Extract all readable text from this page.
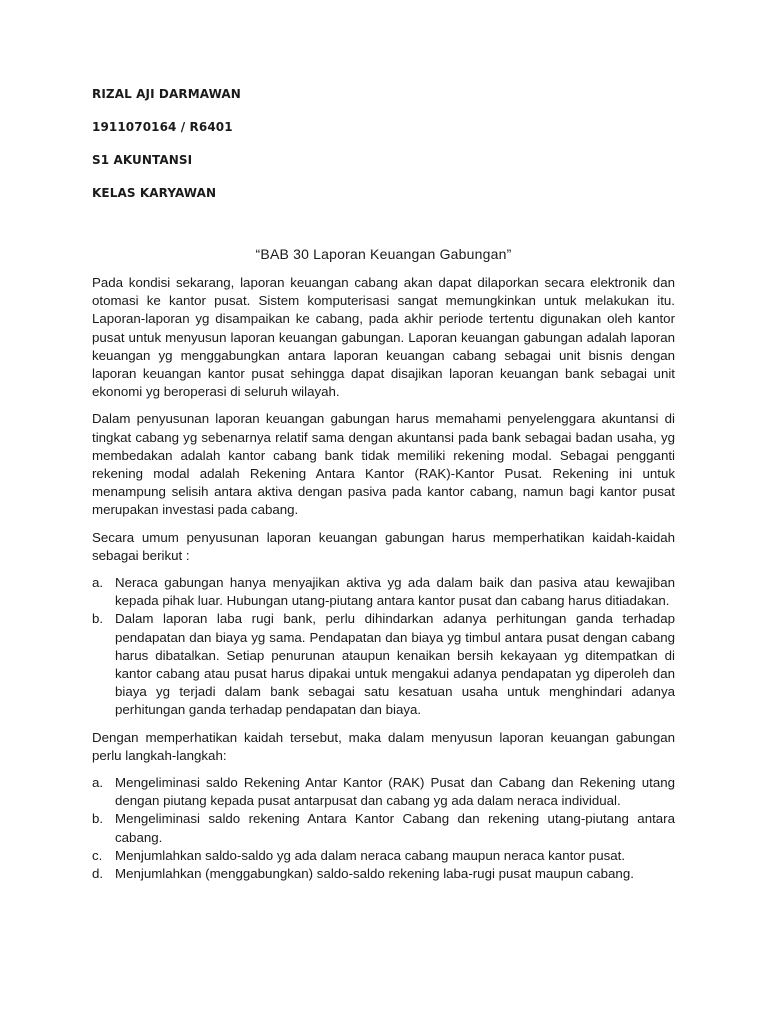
RIZAL AJI DARMAWAN
1911070164 / R6401
S1 AKUNTANSI
KELAS KARYAWAN
“BAB 30 Laporan Keuangan Gabungan”

Pada kondisi sekarang, laporan keuangan cabang akan dapat dilaporkan secara elektronik dan otomasi ke kantor pusat. Sistem komputerisasi sangat memungkinkan untuk melakukan itu. Laporan-laporan yg disampaikan ke cabang, pada akhir periode tertentu digunakan oleh kantor pusat untuk menyusun laporan keuangan gabungan. Laporan keuangan gabungan adalah laporan keuangan yg menggabungkan antara laporan keuangan cabang sebagai unit bisnis dengan laporan keuangan kantor pusat sehingga dapat disajikan laporan keuangan bank sebagai unit ekonomi yg beroperasi di seluruh wilayah.

Dalam penyusunan laporan keuangan gabungan harus memahami penyelenggara akuntansi di tingkat cabang yg sebenarnya relatif sama dengan akuntansi pada bank sebagai badan usaha, yg membedakan adalah kantor cabang bank tidak memiliki rekening modal. Sebagai pengganti rekening modal adalah Rekening Antara Kantor (RAK)-Kantor Pusat. Rekening ini untuk menampung selisih antara aktiva dengan pasiva pada kantor cabang, namun bagi kantor pusat merupakan investasi pada cabang.

Secara umum penyusunan laporan keuangan gabungan harus memperhatikan kaidah-kaidah sebagai berikut :

a. Neraca gabungan hanya menyajikan aktiva yg ada dalam baik dan pasiva atau kewajiban kepada pihak luar. Hubungan utang-piutang antara kantor pusat dan cabang harus ditiadakan.
b. Dalam laporan laba rugi bank, perlu dihindarkan adanya perhitungan ganda terhadap pendapatan dan biaya yg sama. Pendapatan dan biaya yg timbul antara pusat dengan cabang harus dibatalkan. Setiap penurunan ataupun kenaikan bersih kekayaan yg ditempatkan di kantor cabang atau pusat harus dipakai untuk mengakui adanya pendapatan yg diperoleh dan biaya yg terjadi dalam bank sebagai satu kesatuan usaha untuk menghindari adanya perhitungan ganda terhadap pendapatan dan biaya.

Dengan memperhatikan kaidah tersebut, maka dalam menyusun laporan keuangan gabungan perlu langkah-langkah:

a. Mengeliminasi saldo Rekening Antar Kantor (RAK) Pusat dan Cabang dan Rekening utang dengan piutang kepada pusat antarpusat dan cabang yg ada dalam neraca individual.
b. Mengeliminasi saldo rekening Antara Kantor Cabang dan rekening utang-piutang antara cabang.
c. Menjumlahkan saldo-saldo yg ada dalam neraca cabang maupun neraca kantor pusat.
d. Menjumlahkan (menggabungkan) saldo-saldo rekening laba-rugi pusat maupun cabang.
